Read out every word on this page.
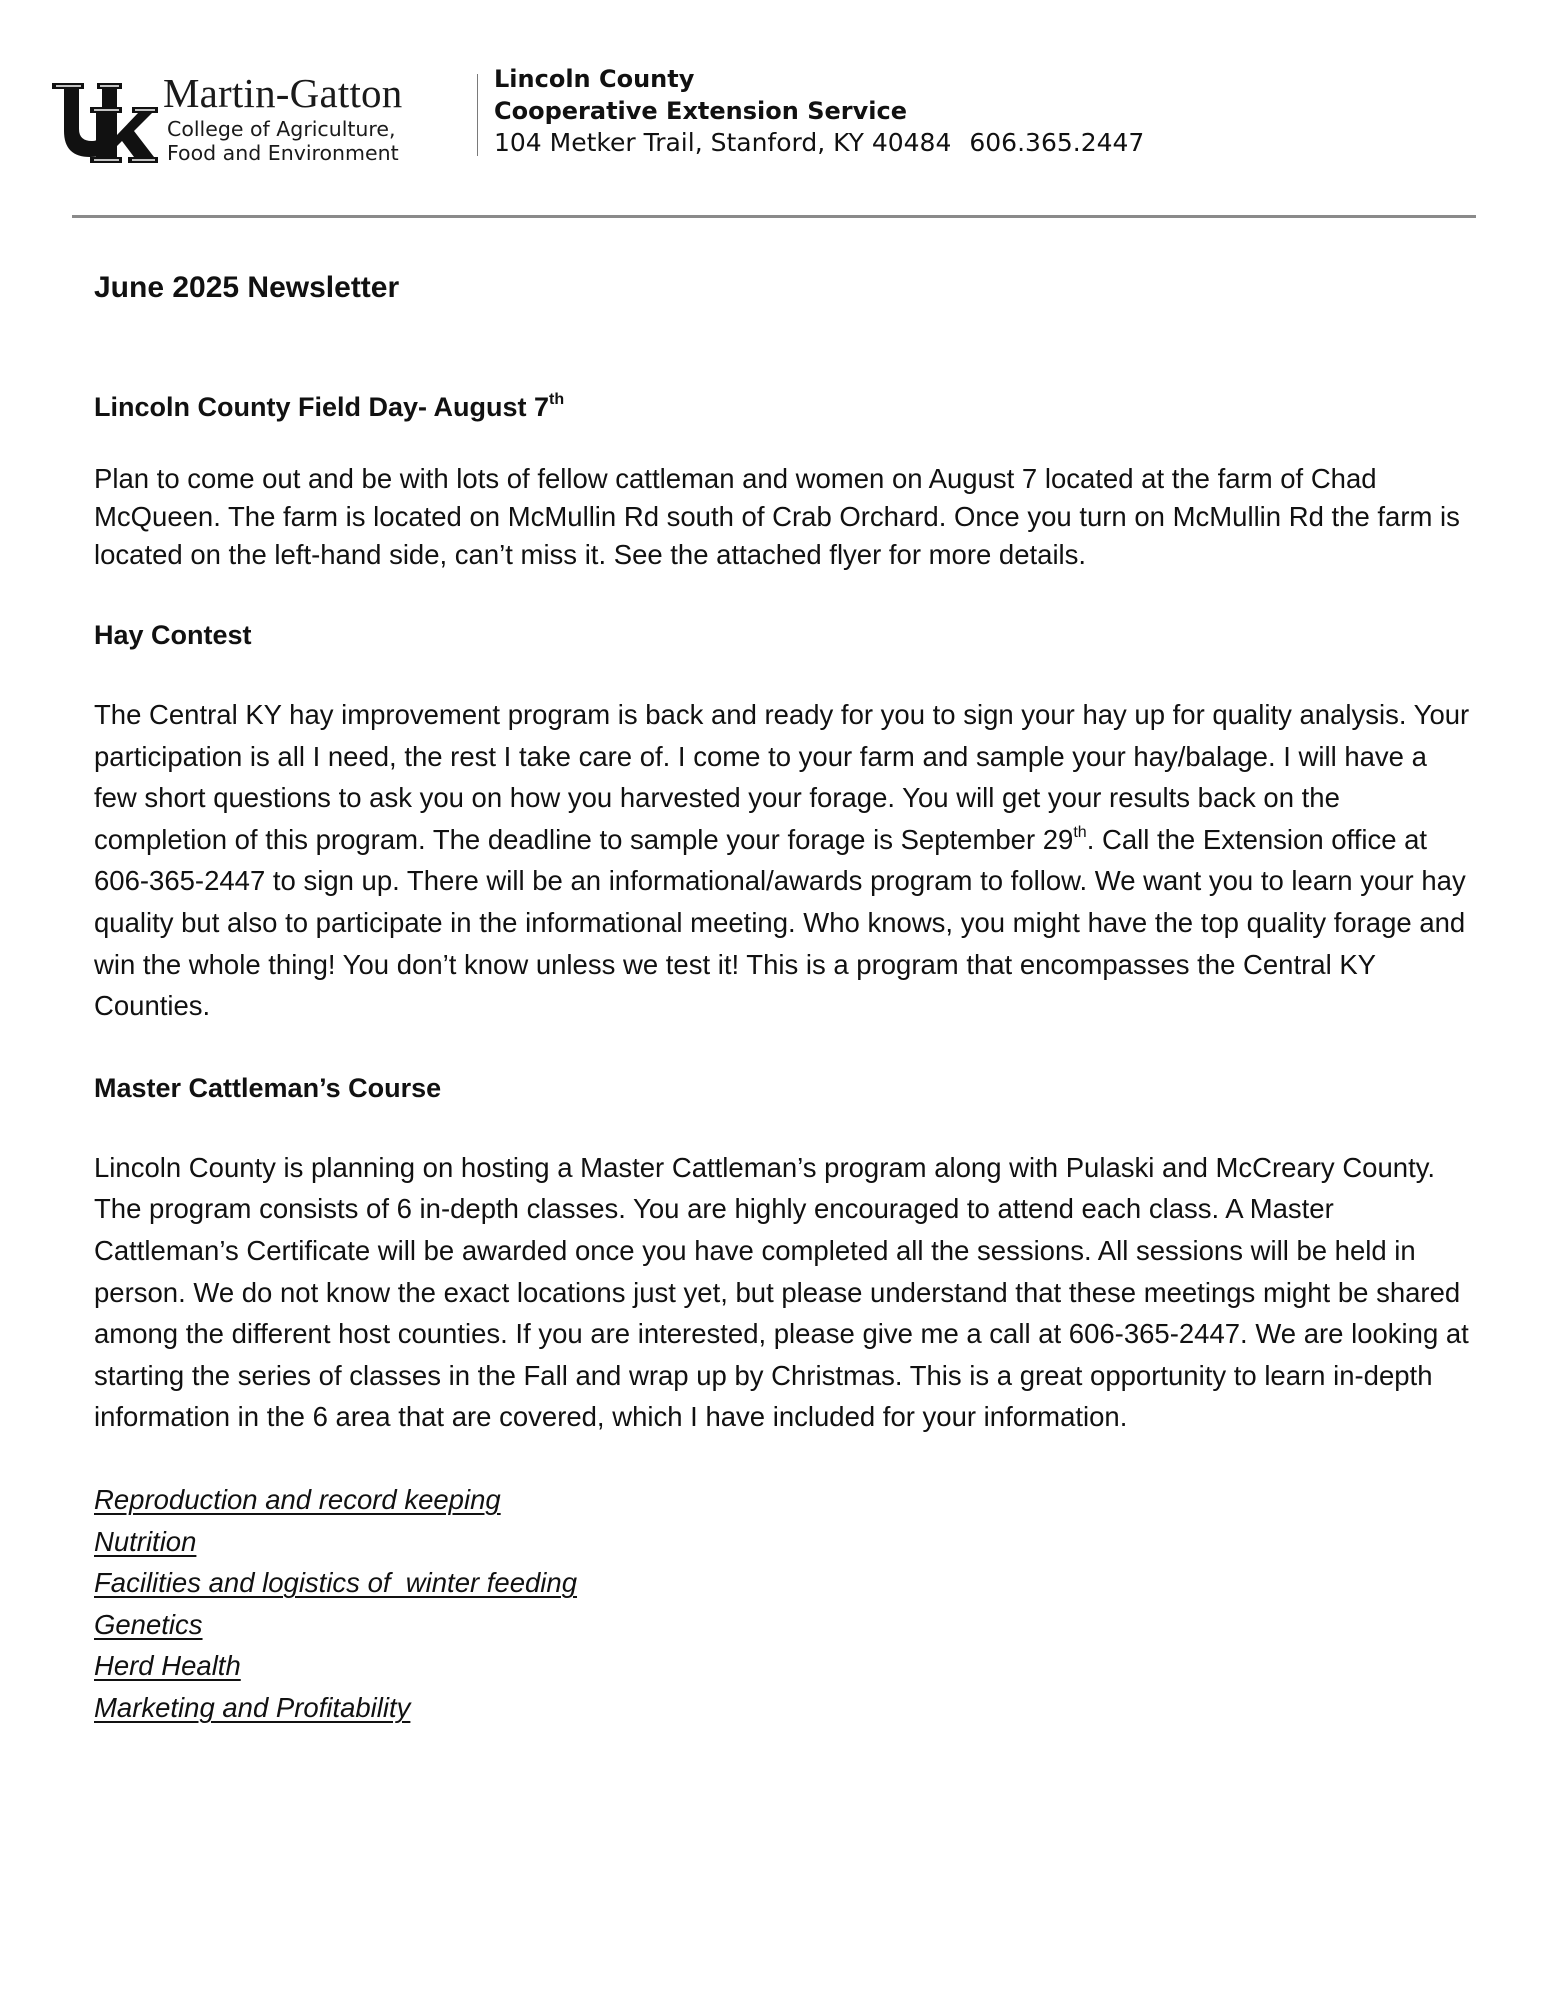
Martin-Gatton
College of Agriculture,
Food and Environment
Lincoln County
Cooperative Extension Service
104 Metker Trail, Stanford, KY 40484 606.365.2447
June 2025 Newsletter
Lincoln County Field Day- August 7th

Plan to come out and be with lots of fellow cattleman and women on August 7 located at the farm of Chad McQueen. The farm is located on McMullin Rd south of Crab Orchard. Once you turn on McMullin Rd the farm is located on the left-hand side, can’t miss it. See the attached flyer for more details.

Hay Contest

The Central KY hay improvement program is back and ready for you to sign your hay up for quality analysis. Your participation is all I need, the rest I take care of. I come to your farm and sample your hay/balage. I will have a few short questions to ask you on how you harvested your forage. You will get your results back on the completion of this program. The deadline to sample your forage is September 29th. Call the Extension office at 606-365-2447 to sign up. There will be an informational/awards program to follow. We want you to learn your hay quality but also to participate in the informational meeting. Who knows, you might have the top quality forage and win the whole thing! You don’t know unless we test it! This is a program that encompasses the Central KY Counties.

Master Cattleman’s Course

Lincoln County is planning on hosting a Master Cattleman’s program along with Pulaski and McCreary County. The program consists of 6 in-depth classes. You are highly encouraged to attend each class. A Master Cattleman’s Certificate will be awarded once you have completed all the sessions. All sessions will be held in person. We do not know the exact locations just yet, but please understand that these meetings might be shared among the different host counties. If you are interested, please give me a call at 606-365-2447. We are looking at starting the series of classes in the Fall and wrap up by Christmas. This is a great opportunity to learn in-depth information in the 6 area that are covered, which I have included for your information.

Reproduction and record keeping
Nutrition
Facilities and logistics of  winter feeding
Genetics
Herd Health
Marketing and Profitability
